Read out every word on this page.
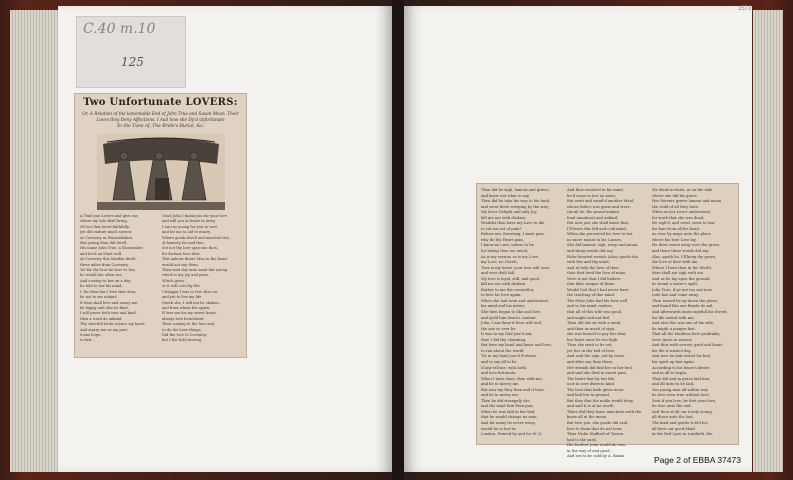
C.40 m.10
125
Two Unfortunate LOVERS:
Or, A Relation of the lamentable End of John True and Susan Mean. Their Loves they Deny Affections, I Aud how she Dy'd unfortunate
To the Tune of, The Bride's Burial, &c.
A Tend you Lovers and give ear,
where my tale shall bring,
Of two that loved faithfully,
yet did endure much sorrow.
At Coventry in Warwickshire,
this young Man did dwell,
His name John True, a Shoemaker,
and lov'd an Maid well.
At Coventry this Maiden dwelt,
three miles from Coventry,
Yet for the love he bore to her,
he would her often see.
And coming to her on a day,
he told to her his mind,
I, for thou has I love thee dear,
be not to me unkind.
If thou shall love and marry me,
be happy and also be kind,
I will prove both true and kind,
then a word do unkind,
Thy cheerful looks rejoice my heart,
And marry me on my part,
Some hope...
to bed...
Good John I thank you for your love
and will you at home to tarry,
I am too young for you to wed,
and for me to old to marry.
Where goods dwell and mischief doe,
of honesty far and free,
Set not thy love upon me then,
for fortune love thee.
This ankour Besse Mou to the heart
would not say them.
Then next day unto maid fair young
which is my joy and prize,
Which gives...
or it will cost thy life.
Unhappy I was to love thee so,
and yet to live my life.
Quoth she, I will not be shaken,
and from whom the spurn,
If love me for my sweet heart,
always love hereditant.
Thou coming to the love and,
to do the lowe things,
Did the love to Coventry,
but I the hold tearing.
Thou did he sigh, lament and grieve,
and knew not what to say,
Then did he take his way to his back,
and went there weeping by the way;
My loves Delight and only Joy,
kill me not with disdain,
Wouldst thou have my Love to die,
to rid me out of pain?
Refuse me, Sweeting, I must pass,
why do thy Heart pain,
I know no cure, unless to be
for loving thee too much;
As is my sorrow, so is my Love,
my Love, no Deceit,
True is my heart, your love will save,
and ever doth fall.
My love is loyal, still, and good,
kill me not with disdain,
Rather to me the counsellor,
to love for love again.
When she had seen and understood
his mind and his intent,
She then began to like and love,
and yield him heart's content.
John, I am thine if thou will wed,
the one so ever be
It was to my Dad you'd ask,
then I did thy charming.
But here my hand and heart and love,
to run about the world,
Tis to my hand you'd Fortune,
and to say all to be.
If any tell me, with both,
and love fortunate,
When I have done, then with me,
and be to mercy me.
But now my they then and it here,
and be to merry me;
Then he did strangely she,
and the maid that Fern pair,
When he was laid in her bed,
that he would change no man,
And for many he never weep,
would he to her be
London: Printed by and for W. O.
And thus resolved in his mind,
he'd come to her no more,
But went and wand'd another Maid,
whose father was great and store.
Quoth he, the proud unkind
fond unnatural and unkind;
But now just she shall know that,
I'll leave this fell and cold mind.
When she perceived his love to her
no more meant to be, Lasses,
She did lament, sigh, weep and moan,
and sharp words did say;
False hearted wretch (alas) quoth she,
with fire and thy mind,
And at holy the love of thee,
thou that bred the love of mine.
Were it not that I did believe
that false tongue of thine,
Would God that I had never have
the teaching of this mind.
The False John had his best well
and so his mind confess,
that all of this wife was good,
and might and not feel.
Then did she sit with a mind,
and then as much of sign,
she was herself to pay her dear,
her heart must be too high.
Thou she wish to be set;
yet lies in the bed of love,
And said the sign, yet by more,
and after say than these,
Her friends did find her in her bed,
and said she died in sweet pain,
The heart that by her life,
now in sore distress kind.
The best that hath given more
and laid her in ground,
But they that the noble would deny,
and said it is of no worth.
There did they leave man-born-with the
knew all in the mean,
But love you, she goods did said,
love to them that do not bear.
Then Nicke Stafford of Tavern
had to the yard,
His brother John would do was,
in the way of and good.
And see to be sold by A. Banks
Sir Maid in white, at on the side
where she did his grave,
Her Parents grieve lament and moan
the child of all they have.
When as her Lover understood,
for truth that she was dead,
He sigh'd, and cried, went to tear
his hair from all his head.
As ever by maps unto the place
where his true Love lay,
He dries sweet away over the grave,
and there these words did say:
Alas, quoth he, I'll keep thy grave,
the love of thee with me,
Where I have thou in the World,
thou shall not sigh with me.
And as he lay upon the ground,
he found a water's spell,
John True, if ye not too sad now,
rode has and come away,
Then turned he up down the grave,
and found like one Bende do mil,
And afterwards most ragefull his Sweet,
his life ended with me;
And also this was one of his wife,
he might a pauper fast.
That all the Maidens here profitably
were given in sorrow,
And thus with sorrow, grief and heart
his life it wasted day,
And now he had rested his bed,
his spirit up last again.
According to his heart's desire,
and in all to begin,
They did and in grave laid him,
and all unto to be laid.
You young men all within way
be love even true without love,
Sent if you love, be first your love,
be true unto the end.
And then of all our lovely young,
all those unto the last,
The kind and gentle is fed for,
all here our good Maid
at the Red Lyon in Lambeth, the
1573
Page 2 of EBBA 37473
